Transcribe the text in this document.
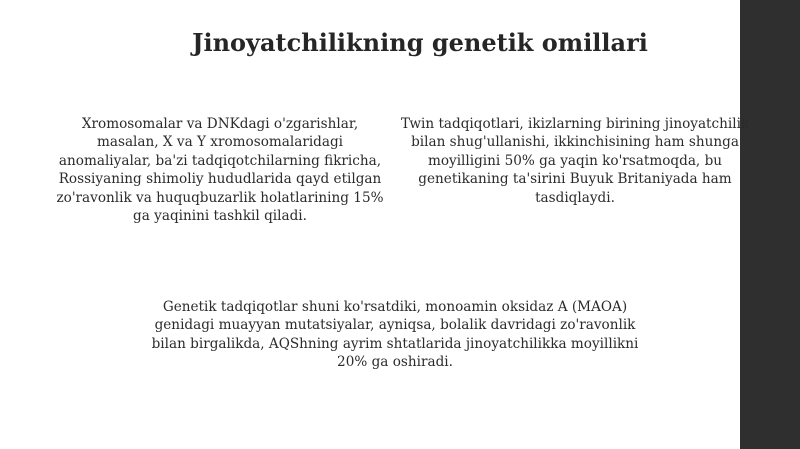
Jinoyatchilikning genetik omillari
Xromosomalar va DNKdagi o'zgarishlar, masalan, X va Y xromosomalaridagi anomaliyalar, ba'zi tadqiqotchilarning fikricha, Rossiyaning shimoliy hududlarida qayd etilgan zo'ravonlik va huquqbuzarlik holatlarining 15% ga yaqinini tashkil qiladi.
Twin tadqiqotlari, ikizlarning birining jinoyatchilik bilan shug'ullanishi, ikkinchisining ham shunga moyilligini 50% ga yaqin ko'rsatmoqda, bu genetikaning ta'sirini Buyuk Britaniyada ham tasdiqlaydi.
Genetik tadqiqotlar shuni ko'rsatdiki, monoamin oksidaz A (MAOA) genidagi muayyan mutatsiyalar, ayniqsa, bolalik davridagi zo'ravonlik bilan birgalikda, AQShning ayrim shtatlarida jinoyatchilikka moyillikni 20% ga oshiradi.
